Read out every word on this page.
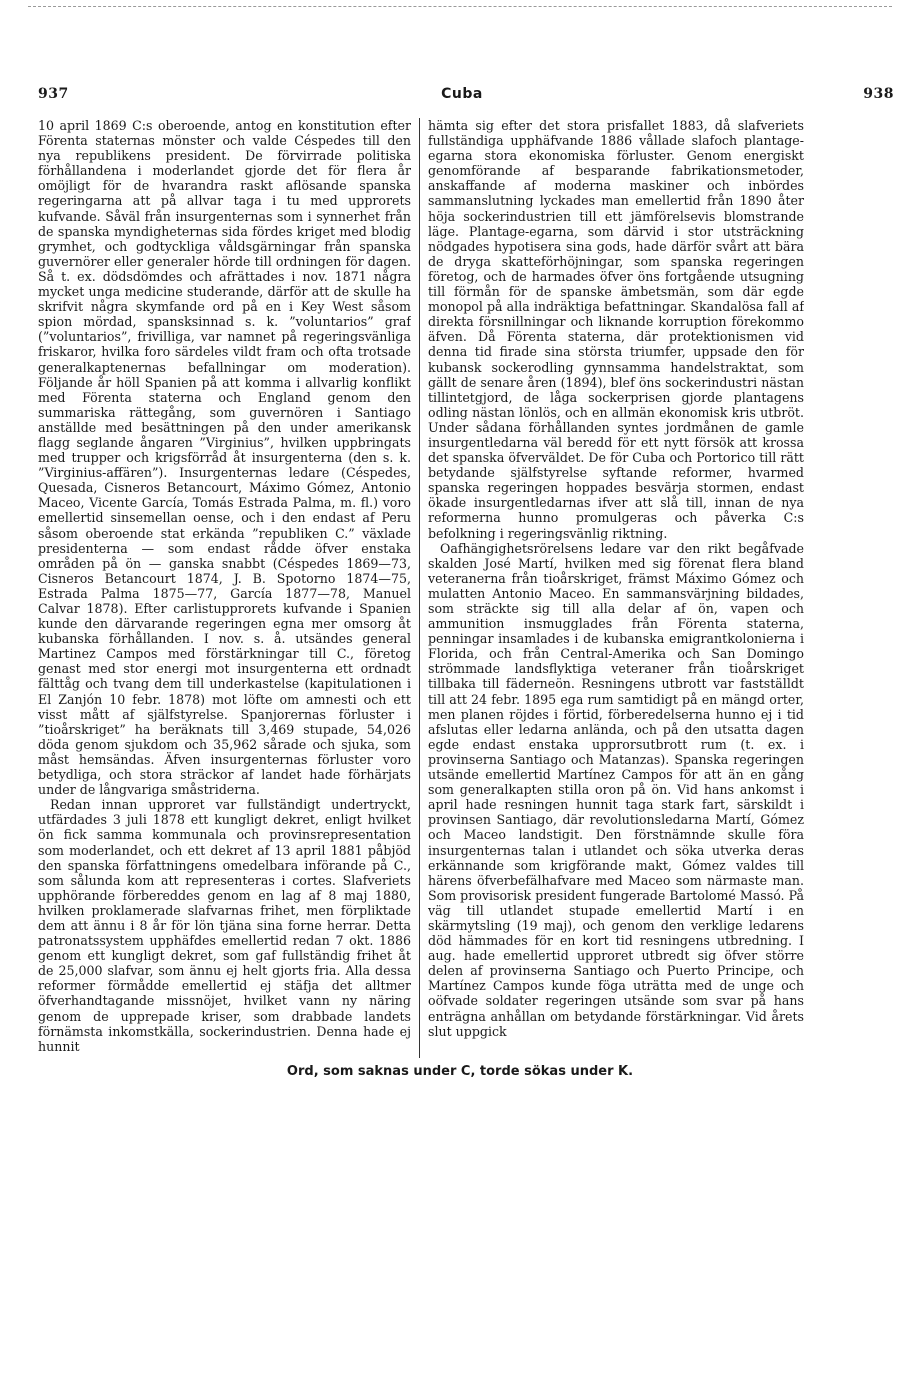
937	Cuba	938

10 april 1869 C:s oberoende, antog en konstitution efter Förenta staternas mönster och valde Céspedes till den nya republikens president. De förvirrade politiska förhållandena i moderlandet gjorde det för flera år omöjligt för de hvarandra raskt aflösande spanska regeringarna att på allvar taga i tu med upprorets kufvande. Såväl från insurgenternas som i synnerhet från de spanska myndigheternas sida fördes kriget med blodig grymhet, och godtyckliga våldsgärningar från spanska guvernörer eller generaler hörde till ordningen för dagen. Så t. ex. dödsdömdes och afrättades i nov. 1871 några mycket unga medicine studerande, därför att de skulle ha skrifvit några skymfande ord på en i Key West såsom spion mördad, spansksinnad s. k. ”voluntarios” graf (”voluntarios”, frivilliga, var namnet på regeringsvänliga friskaror, hvilka foro särdeles vildt fram och ofta trotsade generalkaptenernas befallningar om moderation). Följande år höll Spanien på att komma i allvarlig konflikt med Förenta staterna och England genom den summariska rättegång, som guvernören i Santiago anställde med besättningen på den under amerikansk flagg seglande ångaren ”Virginius”, hvilken uppbringats med trupper och krigsförråd åt insurgenterna (den s. k. ”Virginius-affären”). Insurgenternas ledare (Céspedes, Quesada, Cisneros Betancourt, Máximo Gómez, Antonio Maceo, Vicente García, Tomás Estrada Palma, m. fl.) voro emellertid sinsemellan oense, och i den endast af Peru såsom oberoende stat erkända ”republiken C.” växlade presidenterna — som endast rådde öfver enstaka områden på ön — ganska snabbt (Céspedes 1869—73, Cisneros Betancourt 1874, J. B. Spotorno 1874—75, Estrada Palma 1875—77, García 1877—78, Manuel Calvar 1878). Efter carlistupprorets kufvande i Spanien kunde den därvarande regeringen egna mer omsorg åt kubanska förhållanden. I nov. s. å. utsändes general Martinez Campos med förstärkningar till C., företog genast med stor energi mot insurgenterna ett ordnadt fälttåg och tvang dem till underkastelse (kapitulationen i El Zanjón 10 febr. 1878) mot löfte om amnesti och ett visst mått af själfstyrelse. Spanjorernas förluster i ”tioårskriget” ha beräknats till 3,469 stupade, 54,026 döda genom sjukdom och 35,962 sårade och sjuka, som måst hemsändas. Äfven insurgenternas förluster voro betydliga, och stora sträckor af landet hade förhärjats under de långvariga småstriderna.

Redan innan upproret var fullständigt undertryckt, utfärdades 3 juli 1878 ett kungligt dekret, enligt hvilket ön fick samma kommunala och provinsrepresentation som moderlandet, och ett dekret af 13 april 1881 påbjöd den spanska författningens omedelbara införande på C., som sålunda kom att representeras i cortes. Slafveriets upphörande förbereddes genom en lag af 8 maj 1880, hvilken proklamerade slafvarnas frihet, men förpliktade dem att ännu i 8 år för lön tjäna sina forne herrar. Detta patronatssystem upphäfdes emellertid redan 7 okt. 1886 genom ett kungligt dekret, som gaf fullständig frihet åt de 25,000 slafvar, som ännu ej helt gjorts fria. Alla dessa reformer förmådde emellertid ej stäfja det alltmer öfverhandtagande missnöjet, hvilket vann ny näring genom de upprepade kriser, som drabbade landets förnämsta inkomstkälla, sockerindustrien. Denna hade ej hunnit

hämta sig efter det stora prisfallet 1883, då slafveriets fullständiga upphäfvande 1886 vållade slafoch plantage-egarna stora ekonomiska förluster. Genom energiskt genomförande af besparande fabrikationsmetoder, anskaffande af moderna maskiner och inbördes sammanslutning lyckades man emellertid från 1890 åter höja sockerindustrien till ett jämförelsevis blomstrande läge. Plantage-egarna, som därvid i stor utsträckning nödgades hypotisera sina gods, hade därför svårt att bära de dryga skatteförhöjningar, som spanska regeringen företog, och de harmades öfver öns fortgående utsugning till förmån för de spanske ämbetsmän, som där egde monopol på alla indräktiga befattningar. Skandalösa fall af direkta försnillningar och liknande korruption förekommo äfven. Då Förenta staterna, där protektionismen vid denna tid firade sina största triumfer, uppsade den för kubansk sockerodling gynnsamma handelstraktat, som gällt de senare åren (1894), blef öns sockerindustri nästan tillintetgjord, de låga sockerprisen gjorde plantagens odling nästan lönlös, och en allmän ekonomisk kris utbröt. Under sådana förhållanden syntes jordmånen de gamle insurgentledarna väl beredd för ett nytt försök att krossa det spanska öfverväldet. De för Cuba och Portorico till rätt betydande själfstyrelse syftande reformer, hvarmed spanska regeringen hoppades besvärja stormen, endast ökade insurgentledarnas ifver att slå till, innan de nya reformerna hunno promulgeras och påverka C:s befolkning i regeringsvänlig riktning.

Oafhängighetsrörelsens ledare var den rikt begåfvade skalden José Martí, hvilken med sig förenat flera bland veteranerna från tioårskriget, främst Máximo Gómez och mulatten Antonio Maceo. En sammansvärjning bildades, som sträckte sig till alla delar af ön, vapen och ammunition insmugglades från Förenta staterna, penningar insamlades i de kubanska emigrantkolonierna i Florida, och från Central-Amerika och San Domingo strömmade landsflyktiga veteraner från tioårskriget tillbaka till fäderneön. Resningens utbrott var fastställdt till att 24 febr. 1895 ega rum samtidigt på en mängd orter, men planen röjdes i förtid, förberedelserna hunno ej i tid afslutas eller ledarna anlända, och på den utsatta dagen egde endast enstaka upprorsutbrott rum (t. ex. i provinserna Santiago och Matanzas). Spanska regeringen utsände emellertid Martínez Campos för att än en gång som generalkapten stilla oron på ön. Vid hans ankomst i april hade resningen hunnit taga stark fart, särskildt i provinsen Santiago, där revolutionsledarna Martí, Gómez och Maceo landstigit. Den förstnämnde skulle föra insurgenternas talan i utlandet och söka utverka deras erkännande som krigförande makt, Gómez valdes till härens öfverbefälhafvare med Maceo som närmaste man. Som provisorisk president fungerade Bartolomé Massó. På väg till utlandet stupade emellertid Martí i en skärmytsling (19 maj), och genom den verklige ledarens död hämmades för en kort tid resningens utbredning. I aug. hade emellertid upproret utbredt sig öfver större delen af provinserna Santiago och Puerto Principe, och Martínez Campos kunde föga uträtta med de unge och oöfvade soldater regeringen utsände som svar på hans enträgna anhållan om betydande förstärkningar. Vid årets slut uppgick

Ord, som saknas under C, torde sökas under K.
